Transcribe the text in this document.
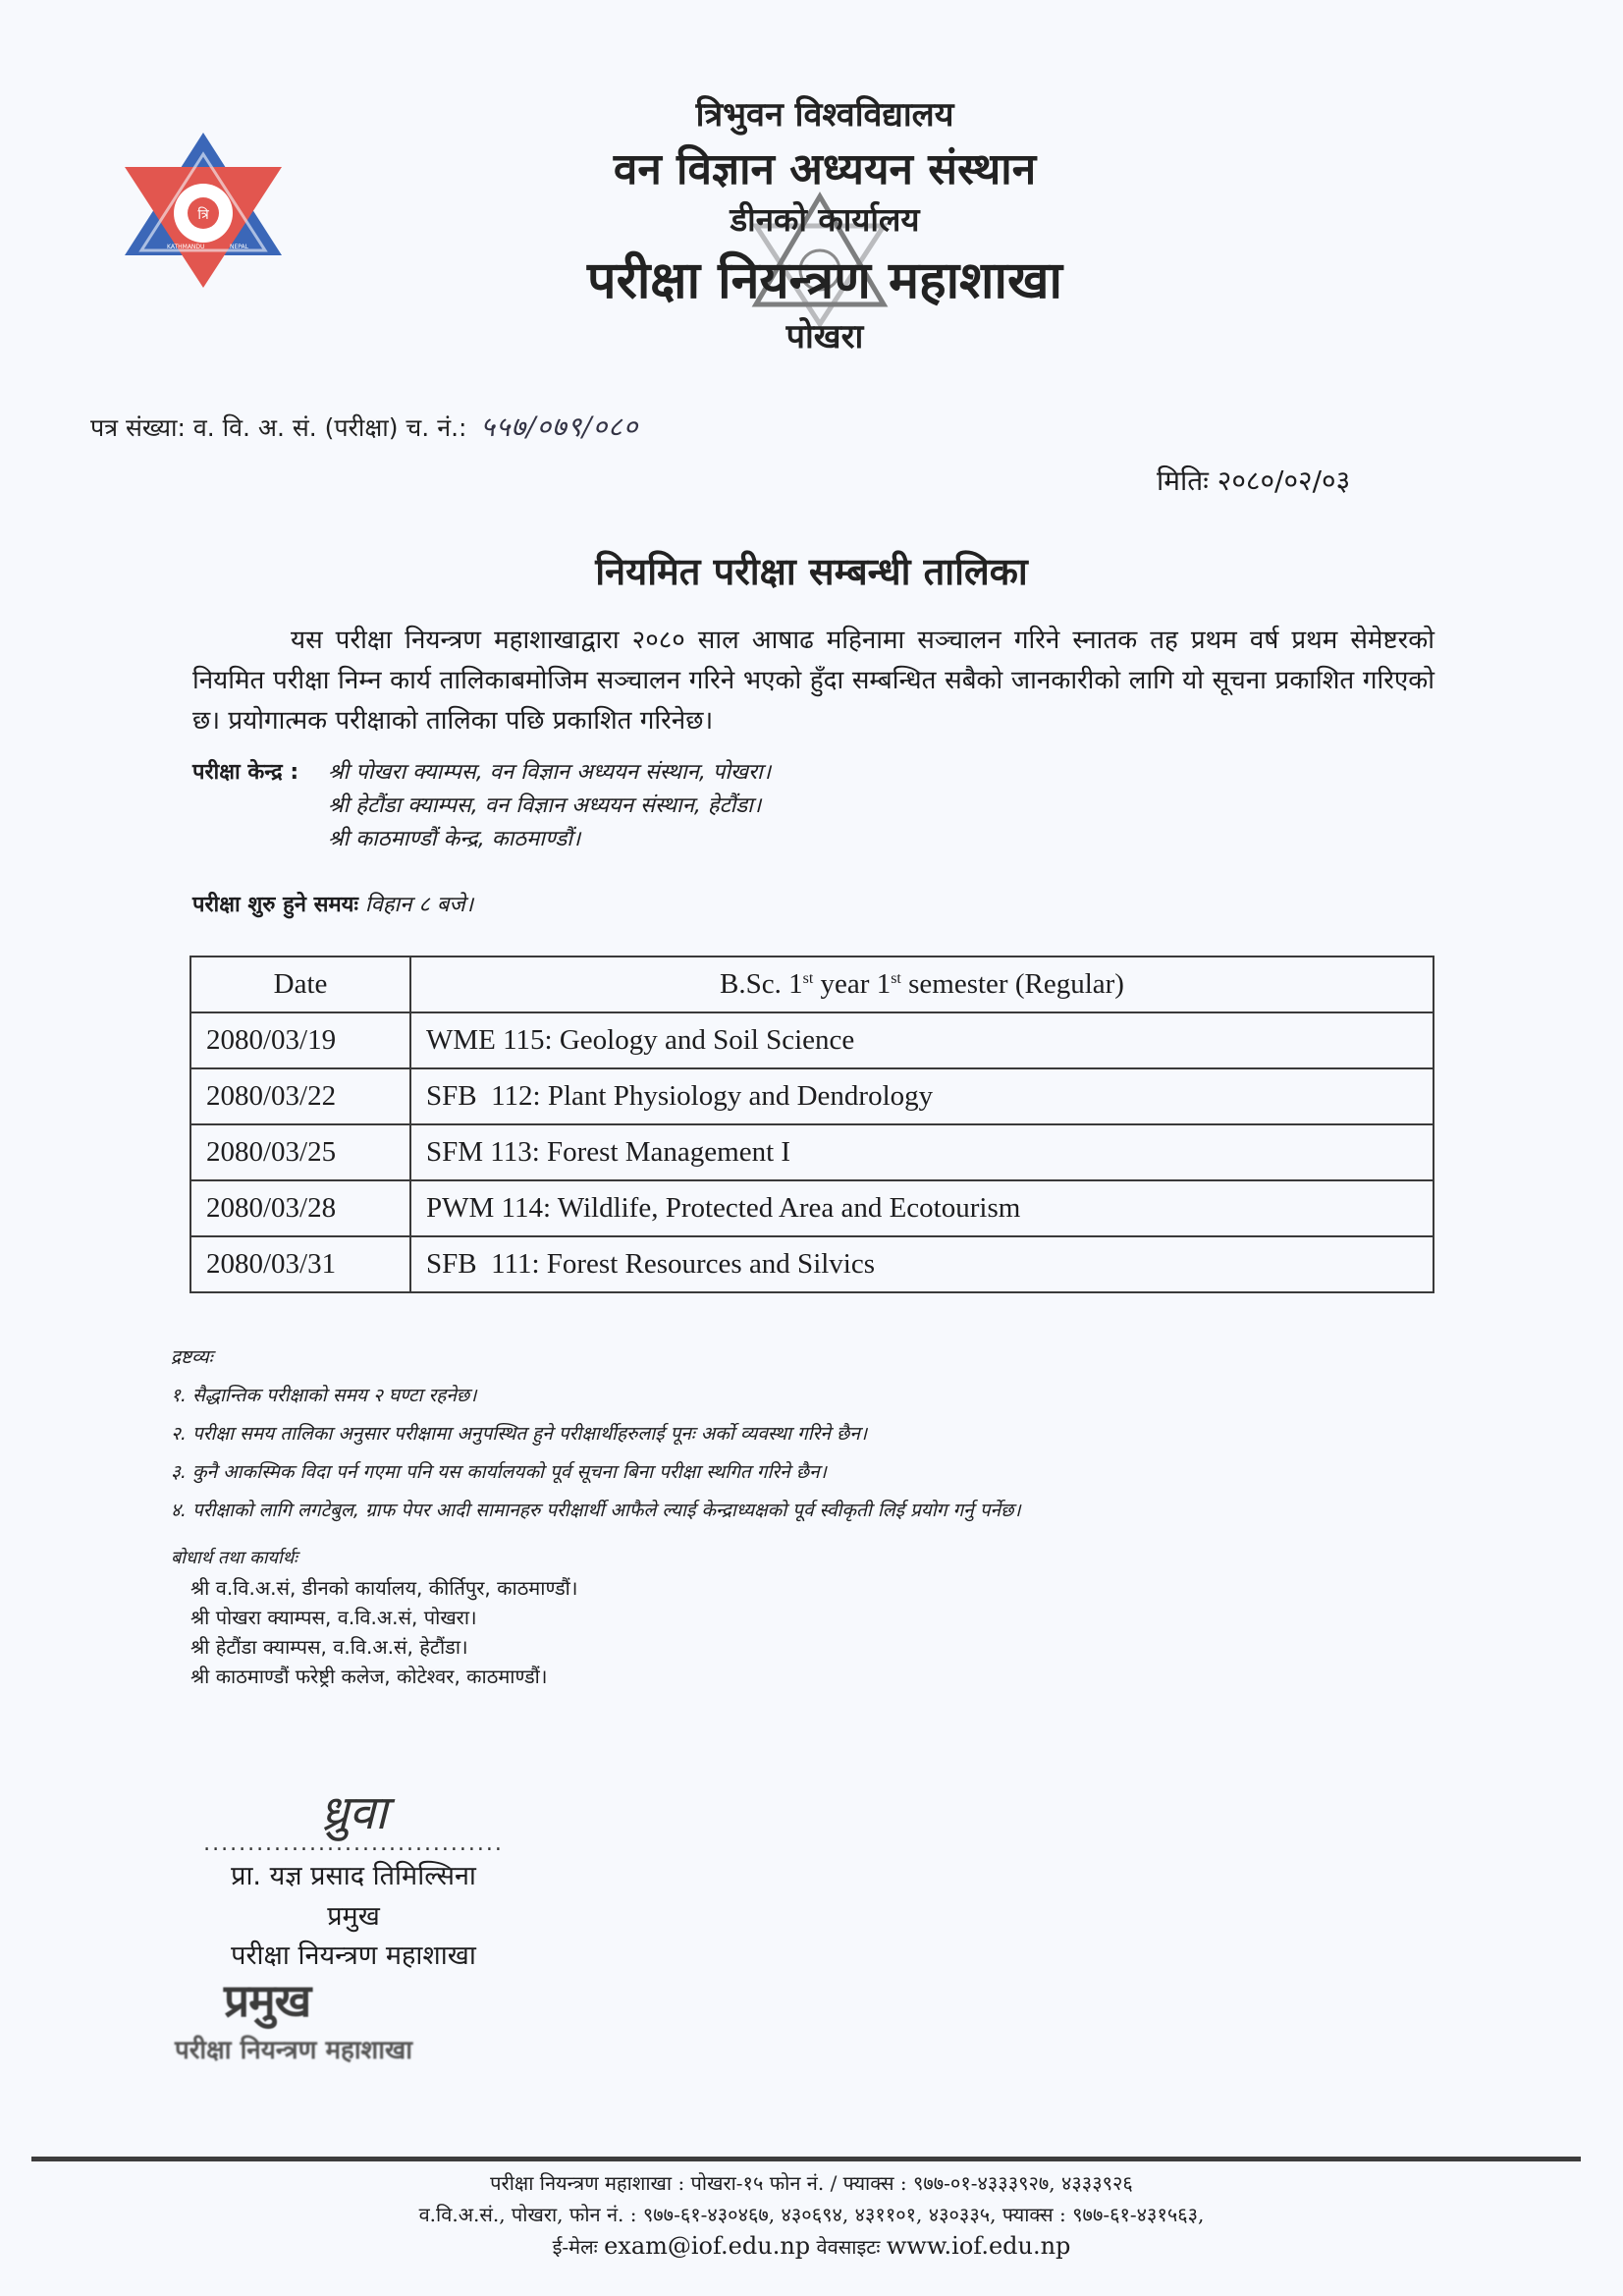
त्रि
KATHMANDU	NEPAL
त्रिभुवन विश्वविद्यालय
वन विज्ञान अध्ययन संस्थान
डीनको कार्यालय
परीक्षा नियन्त्रण महाशाखा
पोखरा
पत्र संख्या: व. वि. अ. सं. (परीक्षा) च. नं.: ५५७/०७९/०८०
मितिः २०८०/०२/०३
नियमित परीक्षा सम्बन्धी तालिका
यस परीक्षा नियन्त्रण महाशाखाद्वारा २०८० साल आषाढ महिनामा सञ्चालन गरिने स्नातक तह प्रथम वर्ष प्रथम सेमेष्टरको नियमित परीक्षा निम्न कार्य तालिकाबमोजिम सञ्चालन गरिने भएको हुँदा सम्बन्धित सबैको जानकारीको लागि यो सूचना प्रकाशित गरिएको छ। प्रयोगात्मक परीक्षाको तालिका पछि प्रकाशित गरिनेछ।
परीक्षा केन्द्र : श्री पोखरा क्याम्पस, वन विज्ञान अध्ययन संस्थान, पोखरा।
श्री हेटौंडा क्याम्पस, वन विज्ञान अध्ययन संस्थान, हेटौंडा।
श्री काठमाण्डौं केन्द्र, काठमाण्डौं।
परीक्षा शुरु हुने समयः विहान ८ बजे।
Date	B.Sc. 1st year 1st semester (Regular)
2080/03/19	WME 115: Geology and Soil Science
2080/03/22	SFB  112: Plant Physiology and Dendrology
2080/03/25	SFM 113: Forest Management I
2080/03/28	PWM 114: Wildlife, Protected Area and Ecotourism
2080/03/31	SFB  111: Forest Resources and Silvics
द्रष्टव्यः
१. सैद्धान्तिक परीक्षाको समय २ घण्टा रहनेछ।
२. परीक्षा समय तालिका अनुसार परीक्षामा अनुपस्थित हुने परीक्षार्थीहरुलाई पूनः अर्को व्यवस्था गरिने छैन।
३. कुनै आकस्मिक विदा पर्न गएमा पनि यस कार्यालयको पूर्व सूचना बिना परीक्षा स्थगित गरिने छैन।
४. परीक्षाको लागि लगटेबुल, ग्राफ पेपर आदी सामानहरु परीक्षार्थी आफैले ल्याई केन्द्राध्यक्षको पूर्व स्वीकृती लिई प्रयोग गर्नु पर्नेछ।
बोधार्थ तथा कार्यार्थः
श्री व.वि.अ.सं, डीनको कार्यालय, कीर्तिपुर, काठमाण्डौं।
श्री पोखरा क्याम्पस, व.वि.अ.सं, पोखरा।
श्री हेटौंडा क्याम्पस, व.वि.अ.सं, हेटौंडा।
श्री काठमाण्डौं फरेष्ट्री कलेज, कोटेश्वर, काठमाण्डौं।
ध्रुवा
..................................
प्रा. यज्ञ प्रसाद तिमिल्सिना
प्रमुख
परीक्षा नियन्त्रण महाशाखा
प्रमुख
परीक्षा नियन्त्रण महाशाखा
परीक्षा नियन्त्रण महाशाखा : पोखरा-१५ फोन नं. / फ्याक्स : ९७७-०१-४३३३९२७, ४३३३९२६
व.वि.अ.सं., पोखरा, फोन नं. : ९७७-६१-४३०४६७, ४३०६९४, ४३११०१, ४३०३३५, फ्याक्स : ९७७-६१-४३१५६३,
ई-मेलः exam@iof.edu.np वेवसाइटः www.iof.edu.np
